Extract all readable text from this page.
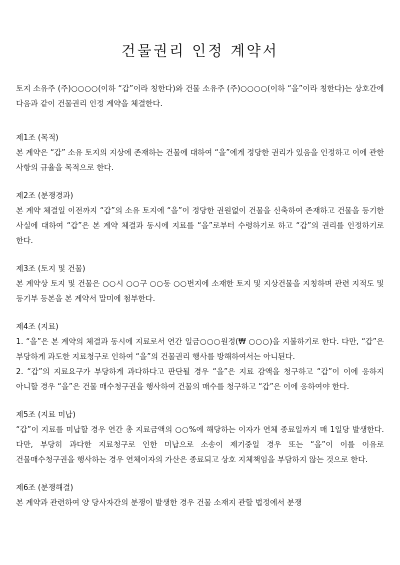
건물권리 인정 계약서

토지 소유주 (주)○○○○(이하 “갑”이라 칭한다)와 건물 소유주 (주)○○○○(이하 “을”이라 칭한다)는 상호간에 다음과 같이 건물권리 인정 계약을 체결한다.

제1조 (목적)

본 계약은 “갑” 소유 토지의 지상에 존재하는 건물에 대하여 “을”에게 정당한 권리가 있음을 인정하고 이에 관한 사항의 규율을 목적으로 한다.

제2조 (분쟁경과)

본 계약 체결일 이전까지 “갑”의 소유 토지에 “을”이 정당한 권원없이 건물을 신축하여 존재하고 건물을 등기한 사실에 대하여 “갑”은 본 계약 체결과 동시에 지료를 “을”로부터 수령하기로 하고 “갑”의 권리를 인정하기로 한다.

제3조 (토지 및 건물)

본 계약상 토지 및 건물은 ○○시 ○○구 ○○동 ○○번지에 소재한 토지 및 지상건물을 지칭하며 관련 지적도 및 등기부 등본을 본 계약서 말미에 첨부한다.

제4조 (지료)

1. “을”은 본 계약의 체결과 동시에 지료로서 연간 일금○○○원정(₩ ○○○)을 지불하기로 한다. 다만, “갑”은 부당하게 과도한 지료청구로 인하여 “을”의 건물권리 행사를 방해하여서는 아니된다.

2. “갑”의 지료요구가 부당하게 과다하다고 판단될 경우 “을”은 지료 감액을 청구하고 “갑”이 이에 응하지 아니할 경우 “을”은 건물 매수청구권을 행사하여 건물의 매수를 청구하고 “갑”은 이에 응하여야 한다.

제5조 (지료 미납)

“갑”이 지료를 미납할 경우 연간 총 지료금액의 ○○%에 해당하는 이자가 연체 종료일까지 매 1일당 발생한다. 다만, 부당히 과다한 지료청구로 인한 미납으로 소송이 제기중일 경우 또는 “을”이 이를 이유로 건물매수청구권을 행사하는 경우 연체이자의 가산은 종료되고 상호 지체책임을 부담하지 않는 것으로 한다.

제6조 (분쟁해결)

본 계약과 관련하여 양 당사자간의 분쟁이 발생한 경우 건물 소재지 관할 법정에서 분쟁
